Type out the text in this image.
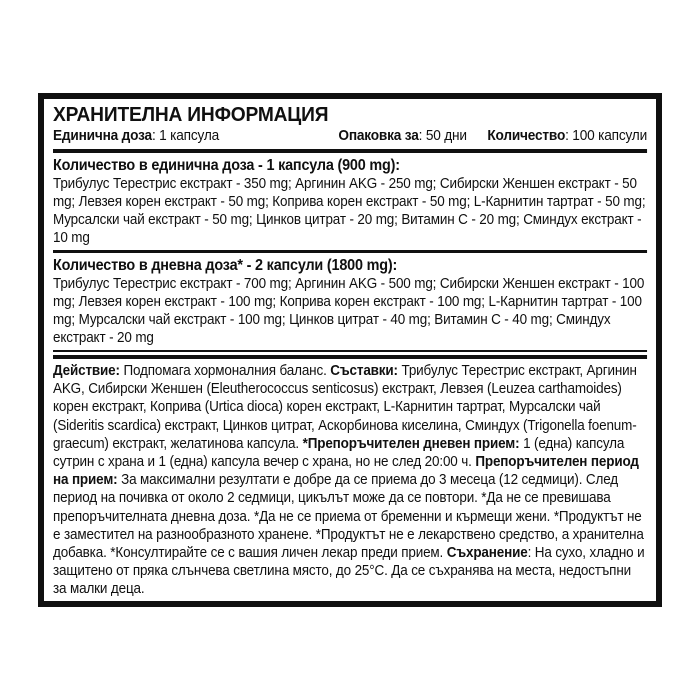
ХРАНИТЕЛНА ИНФОРМАЦИЯ
Единична доза: 1 капсула	Опаковка за: 50 дни Количество: 100 капсули
Количество в единична доза - 1 капсула (900 mg):

Трибулус Терестрис екстракт - 350 mg; Аргинин AKG - 250 mg; Сибирски Женшен екстракт - 50 mg; Левзея корен екстракт - 50 mg; Коприва корен екстракт - 50 mg; L-Карнитин тартрат - 50 mg; Мурсалски чай екстракт - 50 mg; Цинков цитрат - 20 mg; Витамин C - 20 mg; Сминдух екстракт - 10 mg

Количество в дневна доза* - 2 капсули (1800 mg):

Трибулус Терестрис екстракт - 700 mg; Аргинин AKG - 500 mg; Сибирски Женшен екстракт - 100 mg; Левзея корен екстракт - 100 mg; Коприва корен екстракт - 100 mg; L-Карнитин тартрат - 100 mg; Мурсалски чай екстракт - 100 mg; Цинков цитрат - 40 mg; Витамин C - 40 mg; Сминдух екстракт - 20 mg

Действие: Подпомага хормоналния баланс. Съставки: Трибулус Терестрис екстракт, Аргинин AKG, Сибирски Женшен (Eleutherococcus senticosus) екстракт, Левзея (Leuzea carthamoides) корен екстракт, Коприва (Urtica dioca) корен екстракт, L-Карнитин тартрат, Мурсалски чай (Sideritis scardica) екстракт, Цинков цитрат, Аскорбинова киселина, Сминдух (Trigonella foenum-graecum) екстракт, желатинова капсула. *Препоръчителен дневен прием: 1 (една) капсула сутрин с храна и 1 (една) капсула вечер с храна, но не след 20:00 ч. Препоръчителен период на прием: За максимални резултати е добре да се приема до 3 месеца (12 седмици). След период на почивка от около 2 седмици, цикълът може да се повтори. *Да не се превишава препоръчителната дневна доза. *Да не се приема от бременни и кърмещи жени. *Продуктът не е заместител на разнообразното хранене. *Продуктът не е лекарствено средство, а хранителна добавка. *Консултирайте се с вашия личен лекар преди прием. Съхранение: На сухо, хладно и защитено от пряка слънчева светлина място, до 25°C. Да се съхранява на места, недостъпни за малки деца.
